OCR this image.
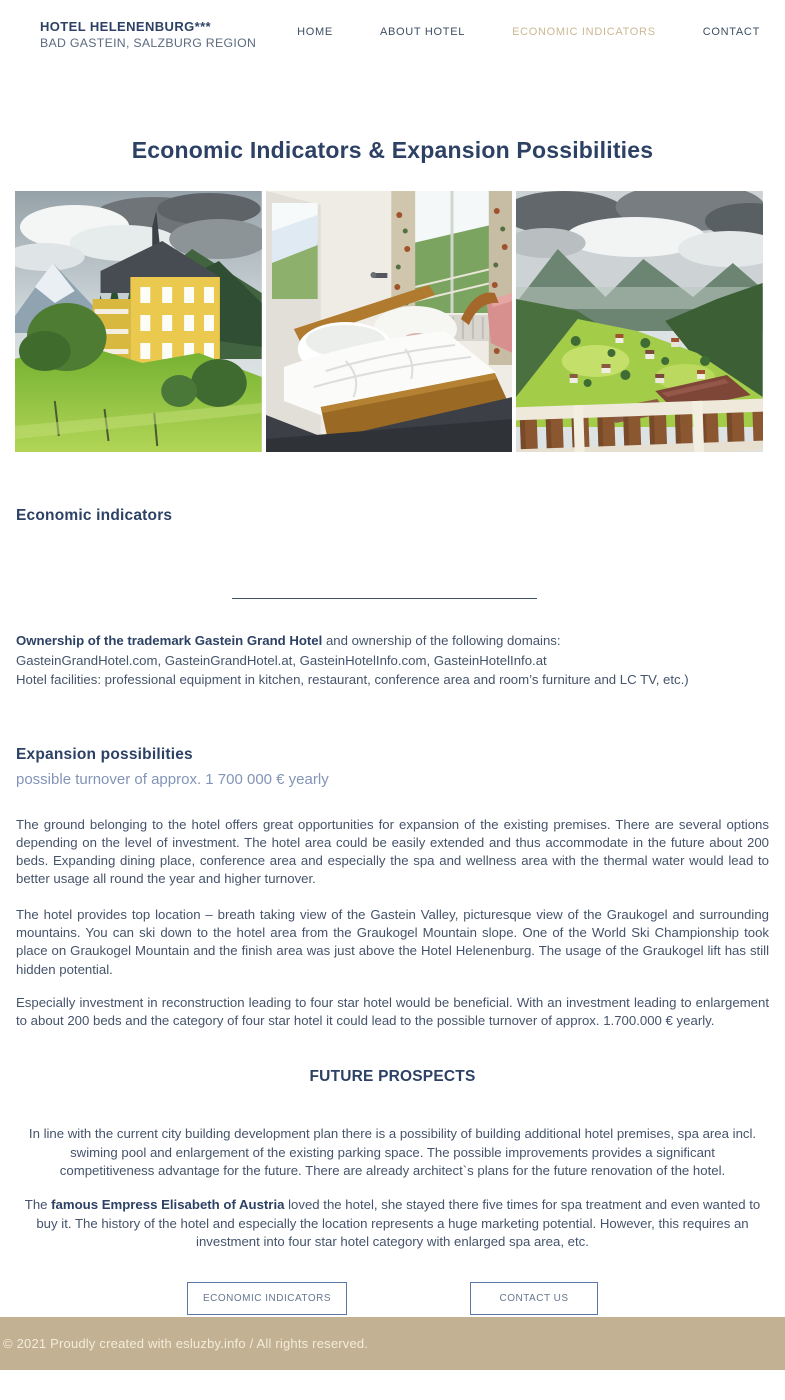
HOTEL HELENENBURG***
BAD GASTEIN, SALZBURG REGION
HOME	ABOUT HOTEL	ECONOMIC INDICATORS	CONTACT
Economic Indicators & Expansion Possibilities
Economic indicators
Ownership of the trademark Gastein Grand Hotel and ownership of the following domains:
GasteinGrandHotel.com, GasteinGrandHotel.at, GasteinHotelInfo.com, GasteinHotelInfo.at
Hotel facilities: professional equipment in kitchen, restaurant, conference area and room’s furniture and LC TV, etc.)
Expansion possibilities
possible turnover of approx. 1 700 000 € yearly
The ground belonging to the hotel offers great opportunities for expansion of the existing premises. There are several options depending on the level of investment. The hotel area could be easily extended and thus accommodate in the future about 200 beds. Expanding dining place, conference area and especially the spa and wellness area with the thermal water would lead to better usage all round the year and higher turnover.
The hotel provides top location – breath taking view of the Gastein Valley, picturesque view of the Graukogel and surrounding mountains. You can ski down to the hotel area from the Graukogel Mountain slope. One of the World Ski Championship took place on Graukogel Mountain and the finish area was just above the Hotel Helenenburg. The usage of the Graukogel lift has still hidden potential.
Especially investment in reconstruction leading to four star hotel would be beneficial. With an investment leading to enlargement to about 200 beds and the category of four star hotel it could lead to the possible turnover of approx. 1.700.000 € yearly.
FUTURE PROSPECTS
In line with the current city building development plan there is a possibility of building additional hotel premises, spa area incl. swiming pool and enlargement of the existing parking space. The possible improvements provides a significant competitiveness advantage for the future. There are already architect`s plans for the future renovation of the hotel.
The famous Empress Elisabeth of Austria loved the hotel, she stayed there five times for spa treatment and even wanted to buy it. The history of the hotel and especially the location represents a huge marketing potential. However, this requires an investment into four star hotel category with enlarged spa area, etc.
ECONOMIC INDICATORS	CONTACT US
© 2021 Proudly created with esluzby.info / All rights reserved.
